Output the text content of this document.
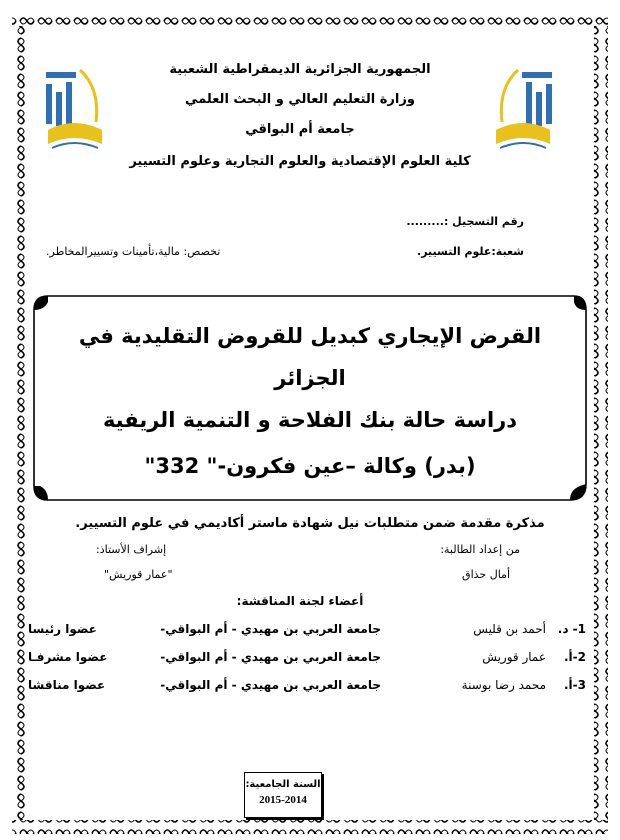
الجمهورية الجزائرية الديمقراطية الشعبية
وزارة التعليم العالي و البحث العلمي
جامعة أم البواقي
كلية العلوم الإقتصادية والعلوم التجارية وعلوم التسيير
رقم التسجيل :.........
شعبة:علوم التسيير.
تخصص: مالية،تأمينات وتسييرالمخاطر.
القرض الإيجاري كبديل للقروض التقليدية في
الجزائر
دراسة حالة بنك الفلاحة و التنمية الريفية
(بدر) وكالة –عين فكرون-" 332"
مذكرة مقدمة ضمن متطلبات نيل شهادة ماستر أكاديمي في علوم التسيير.
من إعداد الطالبة:
إشراف الأستاذ:
أمال حذاق
"عمار قوريش"
أعضاء لجنة المناقشة:
1- د.
أحمد بن قليس
جامعة العربي بن مهيدي - أم البواقي-
عضوا رئيسا
2-أ.
عمار قوريش
جامعة العربي بن مهيدي - أم البواقي-
عضوا مشرفـا
3-أ.
محمد رضا بوسنة
جامعة العربي بن مهيدي - أم البواقي-
عضوا مناقشا
السنة الجامعية:
2015-2014
